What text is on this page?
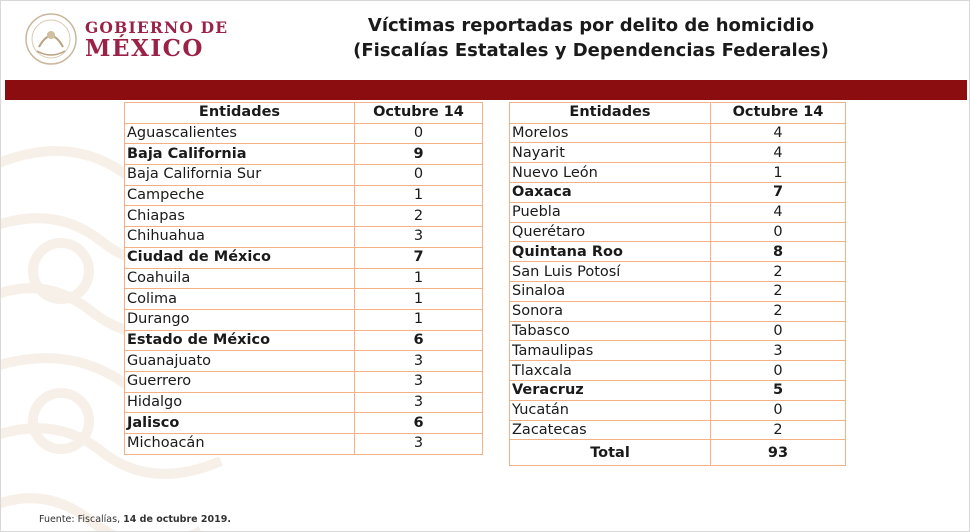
GOBIERNO DE
MÉXICO
Víctimas reportadas por delito de homicidio
(Fiscalías Estatales y Dependencias Federales)
Entidades	Octubre 14
Aguascalientes	0
Baja California	9
Baja California Sur	0
Campeche	1
Chiapas	2
Chihuahua	3
Ciudad de México	7
Coahuila	1
Colima	1
Durango	1
Estado de México	6
Guanajuato	3
Guerrero	3
Hidalgo	3
Jalisco	6
Michoacán	3
Entidades	Octubre 14
Morelos	4
Nayarit	4
Nuevo León	1
Oaxaca	7
Puebla	4
Querétaro	0
Quintana Roo	8
San Luis Potosí	2
Sinaloa	2
Sonora	2
Tabasco	0
Tamaulipas	3
Tlaxcala	0
Veracruz	5
Yucatán	0
Zacatecas	2
Total	93
Fuente: Fiscalías, 14 de octubre 2019.
